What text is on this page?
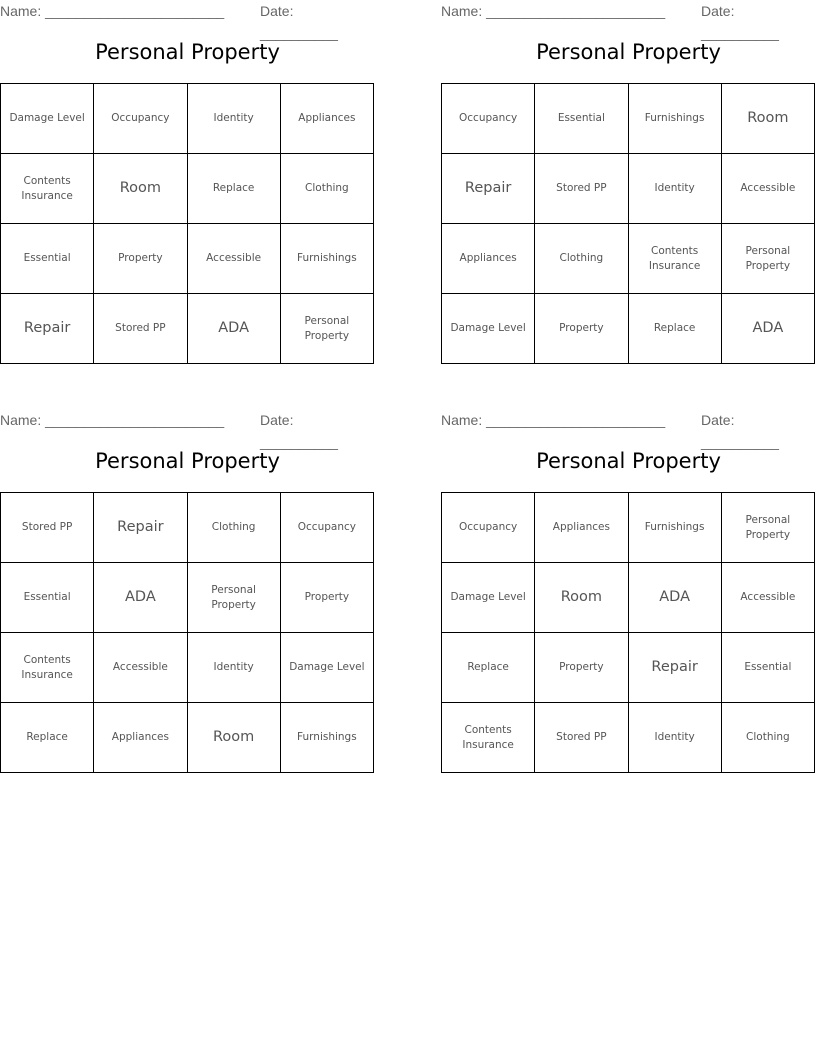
Name: _______________________	Date: __________
Personal Property
Damage Level	Occupancy	Identity	Appliances
Contents Insurance	Room	Replace	Clothing
Essential	Property	Accessible	Furnishings
Repair	Stored PP	ADA	Personal Property
Name: _______________________	Date: __________
Personal Property
Occupancy	Essential	Furnishings	Room
Repair	Stored PP	Identity	Accessible
Appliances	Clothing	Contents Insurance	Personal Property
Damage Level	Property	Replace	ADA
Name: _______________________	Date: __________
Personal Property
Stored PP	Repair	Clothing	Occupancy
Essential	ADA	Personal Property	Property
Contents Insurance	Accessible	Identity	Damage Level
Replace	Appliances	Room	Furnishings
Name: _______________________	Date: __________
Personal Property
Occupancy	Appliances	Furnishings	Personal Property
Damage Level	Room	ADA	Accessible
Replace	Property	Repair	Essential
Contents Insurance	Stored PP	Identity	Clothing
